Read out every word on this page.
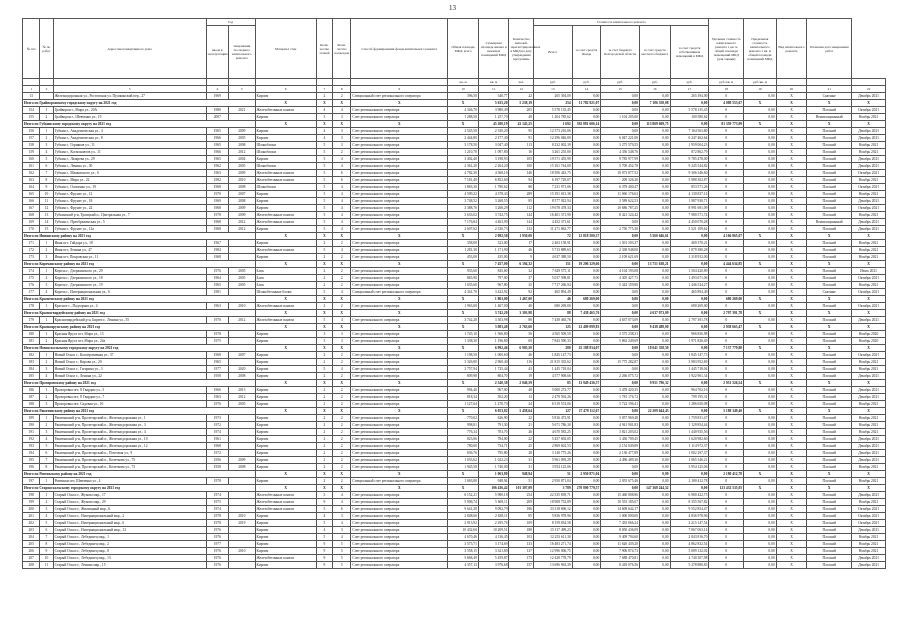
13
№ п/п	№ по работ	Адрес многоквартирного дома	Год		Материал стен	Коли-чество этажей	Коли-чество подъездов	Способ формирования фонда капитального ремонта	Общая площадь МКД, всего	Суммарная площадь жилых и нежилых помещений МКД	Количество жителей, зарегистрированных в МКД на дату утверждения программы	Стоимость капитального ремонта					Удельная стоимость капитального ремонта 1 кв. м общей площади помещений МКД (для оценки)	Предельная стоимость капитального ремонта 1 кв. м общей площади помещений МКД	Вид капитального ремонта	Плановая дата завершения работ	
			ввода в эксплуатацию	завершения последнего капитального ремонта								Всего:	за счет средств Фонда	за счет бюджета Белгородской области	за счет средств местного бюджета	за счет средств собственников помещений в МКД					
									кв. м	кв. м	чел.	руб.	руб.	руб.	руб.	руб.	руб./кв. м	руб./кв. м			
1	2	3	4	5	6	7	8	9	10	11	12	13	14	15	16	17	18	19	20	21	22
13		Железнодорожная ул., Ростовская ул. Пушкинский пер., 27	1969		Кирпич	2	2	Специальный счет регионального оператора	396,50	340,77	22	265 394,00	0,00	0,00	0,00	265 394,00	0	0,00	X	Скатные	Декабрь 2021
Итого по Грайворонскому городскому округу на 2021 год					X	X	X	X	X	5 635,20	5 238,19	254	11 782 921,07	0,00	7 106 358,08	0,00	4 088 553,67	X	X	X	X
154	1	Грайворон г., Мира ул., 20А	1980	2021	Железобетонные панели	4	4	Счет регионального оператора	4 346,70	3 980,49	205	5 578 135,45	0,00	0,00	0,00	5 578 135,45	0	0,00	X	Плоский	Октябрь 2021
155	2	Грайворон г., Шевченко ул., 19	2007		Кирпич	3	3	Счет регионального оператора	1 288,50	1 257,70	49	1 204 785,62	0,00	1 104 205,00	0,00	100 580,62	0	0,00	X	Вентиляционный	Ноябрь 2021
Итого по Губкинскому городскому округу на 2021 год					X	X	X	X	X	45 280,19	43 145,25	1 692	392 881 606,14	0,00	113 869 609,75	0,00	81 359 773,09	X	X	X	X
156	1	Губкин г., Академическая ул., 4	1965	2009	Кирпич	4	3	Счет регионального оператора	2 545,50	2 330,20	95	12 573 216,06	0,00	0,00	0,00	7 164 563,80	0	0,00	X	Плоский	Декабрь 2021
157	2	Губкин г., Академическая ул., 8	1966	2005	Кирпич	4	3	Счет регионального оператора	2 444,80	2 177,40	91	12 296 046,00	0,00	6 047 221,00	0,00	6 247 462,64	0	0,00	X	Плоский	Декабрь 2021
158	3	Губкин г., Горняков ул., 11	1965	2008	Шлакоблоки	5	3	Счет регионального оператора	3 178,50	3 047,40	113	8 232 002,39	0,00	3 275 579,55	0,00	1 959 004,23	0	0,00	X	Плоский	Ноябрь 2021
159	4	Губкин г., Космонавтов ул., 11	1966	2012	Шлакоблоки	5	2	Счет регионального оператора	1 210,70	1 097,80	16	3 261 255,00	0,00	4 356 548,76	0,00	872 862,79	0	0,00	X	Плоский	Ноябрь 2021
160	5	Губкин г., Лазарева ул., 29	1965	2004	Кирпич	5	4	Счет регионального оператора	3 402,40	3 198,93	105	19 571 455,99	0,00	9 785 977,99	0,00	9 785 478,00	0	0,00	X	Плоский	Декабрь 2021
161	6	Губкин г., Ленина ул., 30	1962	2005	Шлакоблоки	5	4	Счет регионального оператора	2 361,20	2 264,20	100	15 161 744,00	0,00	5 709 452,78	0,00	9 245 544,82	0	0,00	X	Плоский	Декабрь 2021
162	7	Губкин г., Маяковского ул., 6	1963	2009	Железобетонные панели	5	6	Счет регионального оператора	4 782,30	4 568,16	146	18 506 443,75	0,00	10 073 877,52	0,00	9 306 346,60	0	0,00	X	Плоский	Октябрь 2021
163	8	Губкин г., Мира ул., 22	1982	2010	Железобетонные панели	5	6	Счет регионального оператора	7 181,40	6 852,60	94	6 197 729,07	0,00	209 326,20	0,00	5 988 302,87	0	0,00	X	Плоский	Ноябрь 2021
164	9	Губкин г., Осипенко ул., 19	1968	2008	Шлакоблоки	5	4	Счет регионального оператора	1 863,30	1 780,62	88	7 231 971,06	0,00	6 378 400,47	0,00	853 571,26	0	0,00	X	Плоский	Октябрь 2021
165	10	Губкин г., Фрунзе ул., 12	1970	2007	Кирпич	5	4	Счет регионального оператора	4 599,22	4 378,43	289	15 191 013,38	0,00	11 060 176,63	0,00	4 130 837,14	0	0,00	X	Плоский	Ноябрь 2021
166	11	Губкин г., Фрунзе ул., 18	1969	2008	Кирпич	5	4	Счет регионального оператора	3 748,52	3 268,55	85	8 577 922,94	0,00	3 589 622,53	0,00	1 987 930,71	0	0,00	X	Плоский	Декабрь 2021
167	12	Губкин г., Фрунзе ул., 22	1968	2009	Кирпич	5	4	Счет регионального оператора	3 388,76	3 268,29	112	19 678 478,34	0,00	10 686 787,25	0,00	8 991 691,09	0	0,00	X	Плоский	Октябрь 2021
168	13	Губкинский р-н, Троицкий п., Центральная ул., 7	1978	2009	Железобетонные панели	5	4	Счет регионального оператора	3 633,02	3 742,75	144	16 401 371,90	0,00	8 421 124,42	0,00	7 980 571,74	0	0,00	X	Плоский	Ноябрь 2021
169	14	Губкин г., Преображенская ул., 5	1968	2012	Железобетонные панели	5	4	Счет регионального оператора	7 176,84	4 463,90	144	4 452 371,61	0,00	0,00	0,00	4 450 070,28	0	0,00	X	Вентиляционный	Декабрь 2021
170	15	Губкин г., Фрунзе ул., 12а	1968	2012	Кирпич	5	4	Счет регионального оператора	2 607,62	2 330,73	133	11 271 863,77	0,00	2 750 775,38	0,00	5 521 109,62	0	0,00	X	Плоский	Декабрь 2021
Итого по Ивнянскому району на 2021 год					X	X	X	X	X	2 092,30	1 930,00	72	12 818 500,37	0,00	5 560 646,61	0,00	4 166 865,07	X	X	X	X
171	1	Ивня пгт, Гайдара ул., 18	1967		Кирпич	2	2	Счет регионального оператора	358,00	323,00	17	2 463 158,91	0,00	1 501 503,37	0,00	469 370,21	0	0,00	X	Плоский	Ноябрь 2021
172	2	Ивня пгт, Ленина ул., 47	1984		Железобетонные панели	5	4	Счет регионального оператора	1 281,30	1 171,90	46	5 713 889,63	0,00	2 338 948,00	0,00	1 879 380,28	0	0,00	X	Плоский	Ноябрь 2021
173	3	Ивня пгт, Покровская ул., 11	1968		Кирпич	2	2	Счет регионального оператора	453,00	435,00	9	4 637 388,50	0,00	2 109 621,69	0,00	1 318 932,00	0	0,00	X	Плоский	Ноябрь 2021
Итого по Корочанскому району на 2021 год					X	X	X	X	X	7 457,00	6 194,32	151	19 206 329,66	0,00	13 751 638,21	0,00	4 444 634,85	X	X	X	X
174	1	Короча г., Дзержинского ул., 29	1976	2005	Блок	2	2	Счет регионального оператора	935,60	845,60	32	7 629 575,11	0,00	4 104 193,08	0,00	1 504 420,89	0	0,00	X	Плоский	Июль 2021
175	2	Короча г., Дзержинского ул., 18	1964	2005	Блок	2	2	Счет регионального оператора	865,90	797,00	37	5 037 598,81	0,00	4 305 427,73	0,00	1 493 671,06	0	0,00	X	Плоский	Октябрь 2021
176	3	Короча г., Дзержинского ул., 19	1965	2005	Блок	2	2	Счет регионального оператора	1 035,60	967,80	35	7 717 266,94	0,00	5 342 159,80	0,00	1 446 524,27	0	0,00	X	Плоский	Ноябрь 2021
177	4	Короча г., Интернациональная ул., 6	1981		Шлакобетонные блоки	5	4	Специальный счет регионального оператора	4 341,70	3 422,92	92	465 894,49	0,00	0,00	0,00	465 894,49	0	0,00	X	Скатные	Октябрь 2021
Итого по Красненскому району на 2021 год					X	X	X	X	X	1 863,00	1 467,00	46	680 269,00	0,00	0,00	0,00	680 269,00	X	X	X	X
178	1	Красное с., Подгорная ул., 4	1963	2010	Железобетонные панели	2	2	Счет регионального оператора	1 963,00	1 467,00	46	680 269,00	0,00	0,00	0,00	680 269,00	0	0,00	X	Плоский	Октябрь 2021
Итого по Красногвардейскому району на 2021 год					X	X	X	X	X	3 742,20	3 303,98	88	7 438 465,76	0,00	4 637 073,09	0,00	2 797 391,78	X	X	X	X
179	1	Красногвардейский р-н, Бирюч г., Ленина ул., 55	1970	2012	Железобетонные панели	5	4	Счет регионального оператора	3 742,20	3 303,98	88	7 438 465,76	0,00	4 637 073,09	0,00	2 797 391,78	0	0,00	X	Плоский	Декабрь 2021
Итого по Краснояружскому району на 2021 год					X	X	X	X	X	3 083,40	2 763,60	125	12 409 099,83	0,00	9 438 488,00	0,00	2 938 663,47	X	X	X	X
180	1	Красная Яруга пгт, Мира ул., 13	1978		Кирпич	3	3	Счет регионального оператора	1 745,10	1 566,80	56	4 565 509,50	0,00	3 575 238,31	0,00	966 836,98	0	0,00	X	Плоский	Ноябрь 2020
181	2	Красная Яруга пгт, Мира ул., 24а	1975		Кирпич	3	3	Счет регионального оператора	1 338,30	1 196,80	69	7 843 590,33	0,00	5 863 249,69	0,00	1 971 826,49	0	0,00	X	Плоский	Ноябрь 2020
Итого по Новооскольскому городскому округу на 2021 год					X	X	X	X	X	6 992,46	6 905,50	280	25 188 834,07	0,00	18 041 358,59	0,00	7 137 779,80	X	X	X	X
182	1	Новый Оскол г., Кооперативная ул., 37	1968	2007	Кирпич	2	2	Счет регионального оператора	1 198,50	1 060,60	46	1 845 147,73	0,00	0,00	0,00	1 845 147,73	0	0,00	X	Плоский	Октябрь 2021
183	2	Новый Оскол г., Кирова ул., 20	1965		Кирпич	2	2	Счет регионального оператора	3 326,80	2 960,40	116	21 815 335,62	0,00	15 775 282,87	0,00	3 983 952,69	0	0,00	X	Плоский	Ноябрь 2021
184	3	Новый Оскол г., Гагарина ул., 3	1977	2020	Кирпич	5	4	Счет регионального оператора	2 757,94	1 725,44	43	1 445 718,04	0,00	0,00	0,00	1 445 718,04	0	0,00	X	Плоский	Ноябрь 2021
185	4	Новый Оскол г., Ленина ул., 22	1958	2008	Кирпич	2	2	Счет регионального оператора	809,98	804,70	19	4 577 908,66	0,00	2 266 075,72	0,00	1 922 961,34	0	0,00	X	Плоский	Декабрь 2021
Итого по Прохоровскому району на 2021 год					X	X	X	X	X	2 340,38	2 046,59	85	13 949 436,57	0,00	9 951 796,32	0,00	2 951 526,54	X	X	X	X
186	1	Прохоровка пгт, 8 Гвардии ул., 5	1966	2013	Кирпич	2	2	Счет регионального оператора	994,40	967,00	48	5 000 273,77	0,00	3 478 420,35	0,00	964 702,16	0	0,00	X	Плоский	Декабрь 2021
187	2	Прохоровка пгт, 8 Гвардии ул., 7	1963	2012	Кирпич	2	2	Счет регионального оператора	818,34	502,20	13	2 479 592,26	0,00	1 781 176,72	0,00	799 195,31	0	0,00	X	Плоский	Декабрь 2021
188	3	Прохоровка пгт, Садовая ул., 16	1976	2005	Кирпич	2	2	Счет регионального оператора	1 127,64	1 270,70	24	6 519 574,06	0,00	5 722 196,41	0,00	1 286 650,08	0	0,00	X	Плоский	Ноябрь 2021
Итого по Ракитянскому району на 2021 год					X	X	X	X	X	6 053,82	5 458,64	127	27 478 112,67	0,00	22 209 644,43	0,00	5 188 349,40	X	X	X	X
189	1	Ракитянский р-н, Пролетарский п., Железнодорожная ул., 1	1973		Кирпич	2	2	Счет регионального оператора	770,02	626,90	22	5 816 473,91	0,00	5 057 969,48	0,00	1 759 831,47	0	0,00	X	Плоский	Ноябрь 2021
190	2	Ракитянский р-н, Пролетарский п., Железнодорожная ул., 3	1972		Кирпич	2	2	Счет регионального оператора	998,81	791,30	21	5 671 786,30	0,00	4 941 901,83	0,00	1 129 854,44	0	0,00	X	Плоский	Ноябрь 2021
191	3	Ракитянский р-н, Пролетарский п., Железнодорожная ул., 4	1974		Кирпич	2	2	Счет регионального оператора	776,34	703,70	26	4 670 583,25	0,00	3 821 203,02	0,00	1 440 935,56	0	0,00	X	Плоский	Ноябрь 2021
192	4	Ракитянский р-н, Пролетарский п., Железнодорожная ул., 10	1961		Кирпич	2	2	Счет регионального оператора	823,06	784,00	22	5 457 692,05	0,00	3 436 709,45	0,00	1 620 982,60	0	0,00	X	Плоский	Декабрь 2021
193	5	Ракитянский р-н, Пролетарский п., Железнодорожная ул., 12	1968		Кирпич	2	2	Счет регионального оператора	780,00	734,71	25	2 869 602,53	0,00	2 154 049,89	0,00	1 114 972,37	0	0,00	X	Плоский	Декабрь 2021
194	6	Ракитянский р-н, Пролетарский п., Почтовая ул., 9	1972		Кирпич	2	2	Счет регионального оператора	836,76	795,80	28	3 140 775,26	0,00	2 136 477,89	0,00	1 002 297,37	0	0,00	X	Плоский	Декабрь 2021
195	7	Ракитянский р-н, Пролетарский п., Кочеткова ул., 75	1956	2009	Кирпич	2	2	Счет регионального оператора	1 033,62	1 022,23	31	5 961 095,29	0,00	4 496 489,36	0,00	1 065 346,21	0	0,00	X	Плоский	Декабрь 2021
196	8	Ракитянский р-н, Пролетарский п., Кочеткова ул., 73	1958	2008	Кирпич	2	2	Счет регионального оператора	1 945,50	1 740,00	31	3 954 125,06	0,00	0,00	0,00	3 954 125,06	0	0,00	X	Плоский	Ноябрь 2021
Итого по Ровеньскому району на 2021 год					X	X	X	X	X	1 063,80	948,94	51	2 950 871,04	0,00	0,00	0,00	2 180 412,78	X	X	X	X
197	1	Ровеньки пгт, Шевченко ул., 4	1978		Кирпич	2	2	Специальный счет регионального оператора	1 063,80	948,94	51	2 950 871,04	0,00	2 055 675,46	0,00	2 180 412,78	0	0,00	X	Плоский	Ноябрь 2021
Итого по Старооскольскому городскому округу на 2021 год					X	X	X	X	X	106 436,42	101 307,09	3 789	270 800 779,57	0,00	147 368 244,52	0,00	123 432 535,05	X	X	X	X
198	1	Старый Оскол г., Жукова мкр., 17	1974		Железобетонные панели	5	4	Счет регионального оператора	6 152,21	5 980,18	254	22 535 839,71	0,00	15 460 808,86	0,00	6 980 422,75	0	0,00	X	Плоский	Декабрь 2021
199	2	Старый Оскол г., Жукова мкр., 29	1975		Железобетонные панели	9	4	Счет регионального оператора	5 906,74	5 669,11	209	18 908 752,89	0,00	10 553 185,07	0,00	8 355 567,82	0	0,00	X	Плоский	Ноябрь 2021
200	3	Старый Оскол г., Жилищный мкр., 6	1974		Железобетонные панели	5	6	Счет регионального оператора	9 641,20	9 092,79	186	33 318 696,12	0,00	14 609 642,17	0,00	9 552 854,47	0	0,00	X	Плоский	Октябрь 2021
201	4	Старый Оскол г., Интернациональный мкр., 2	1978	2010	Кирпич	4	3	Счет регионального оператора	2 848,60	2 638,11	85	5 836 978,96	0,00	1 000 000,00	0,00	4 836 978,96	0	0,00	X	Плоский	Октябрь 2021
202	5	Старый Оскол г., Интернациональный мкр., 6	1978	2019	Кирпич	5	4	Счет регионального оператора	2 913,92	2 295,76	109	8 159 834,58	0,00	7 435 066,24	0,00	2 215 147,54	0	0,00	X	Плоский	Октябрь 2021
203	6	Старый Оскол г., Интернациональный мкр., 12	1976		Кирпич	4	3	Счет регионального оператора	10 432,60	10 209,51	188	15 117 499,23	0,00	8 050 436,09	0,00	7 067 063,14	0	0,00	X	Плоский	Декабрь 2021
204	7	Старый Оскол г., Лебединец мкр., 1	1976		Кирпич	5	4	Счет регионального оператора	4 670,46	4 136,45	103	12 253 611,30	0,00	9 409 794,60	0,00	2 843 816,70	0	0,00	X	Плоский	Ноябрь 2021
205	8	Старый Оскол г., Лебединец мкр., 2	1977		Кирпич	9	5	Счет регионального оператора	3 575,71	3 174,69	133	16 483 271,74	0,00	11 620 439,20	0,00	4 862 832,54	0	0,00	X	Плоский	Ноябрь 2021
206	9	Старый Оскол г., Лебединец мкр., 8	1976	2010	Кирпич	9	5	Счет регионального оператора	3 558,15	3 321,80	137	12 996 006,75	0,00	7 906 874,73	0,00	5 089 132,02	0	0,00	X	Плоский	Ноябрь 2021
207	10	Старый Оскол г., Лебединец мкр., 13	1976		Железобетонные панели	9	5	Счет регионального оператора	5 668,49	5 459,87	173	12 428 778,79	0,00	7 688 470,81	0,00	4 740 307,98	0	0,00	X	Плоский	Декабрь 2021
208	11	Старый Оскол г., Ленина мкр., 15	1976		Кирпич	9	5	Счет регионального оператора	4 357,13	3 976,68	157	13 696 963,39	0,00	8 418 076,56	0,00	5 278 886,83	0	0,00	X	Плоский	Декабрь 2021
